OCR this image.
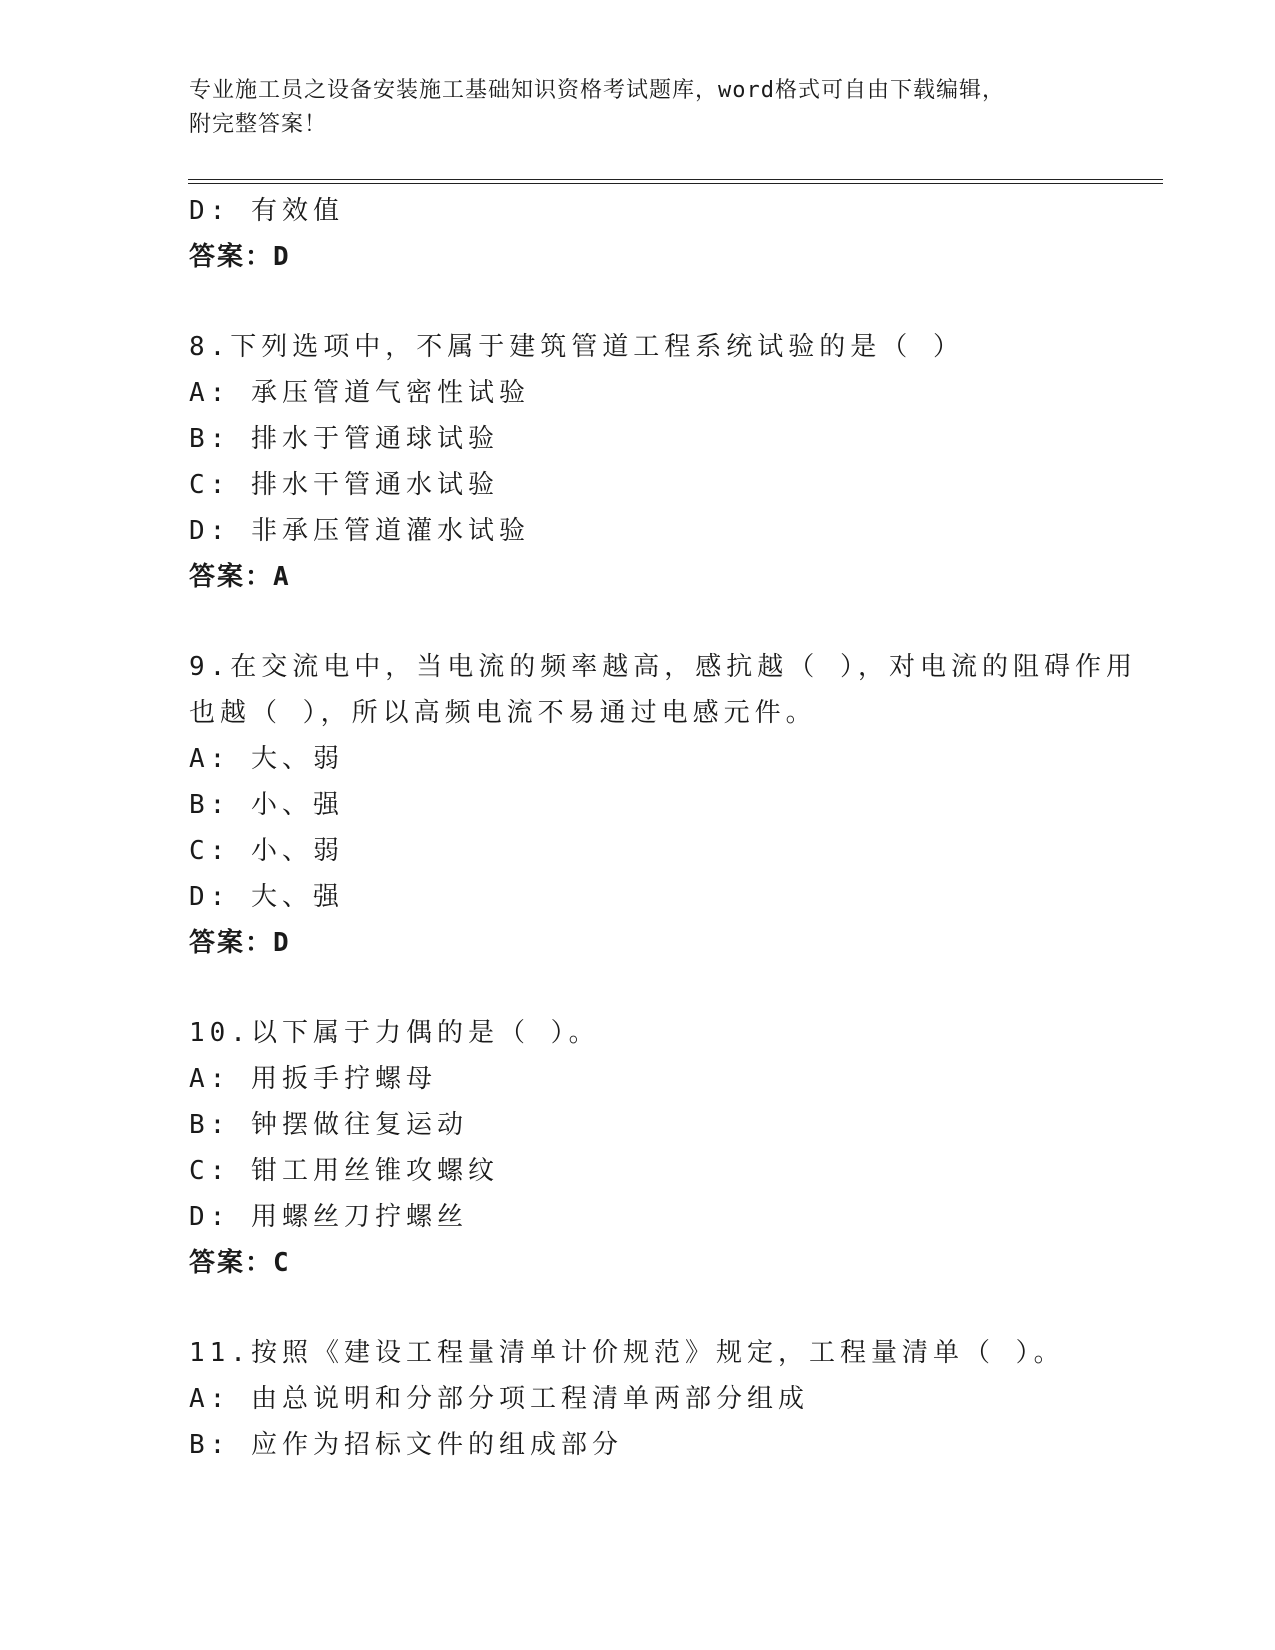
专业施工员之设备安装施工基础知识资格考试题库，word格式可自由下载编辑，
附完整答案！
D: 有效值
答案：D
8.下列选项中，不属于建筑管道工程系统试验的是（ ）
A: 承压管道气密性试验
B: 排水于管通球试验
C: 排水干管通水试验
D: 非承压管道灌水试验
答案：A
9.在交流电中，当电流的频率越高，感抗越（ ），对电流的阻碍作用
也越（ ），所以高频电流不易通过电感元件。
A: 大、弱
B: 小、强
C: 小、弱
D: 大、强
答案：D
10.以下属于力偶的是（ ）。
A: 用扳手拧螺母
B: 钟摆做往复运动
C: 钳工用丝锥攻螺纹
D: 用螺丝刀拧螺丝
答案：C
11.按照《建设工程量清单计价规范》规定，工程量清单（ ）。
A: 由总说明和分部分项工程清单两部分组成
B: 应作为招标文件的组成部分
